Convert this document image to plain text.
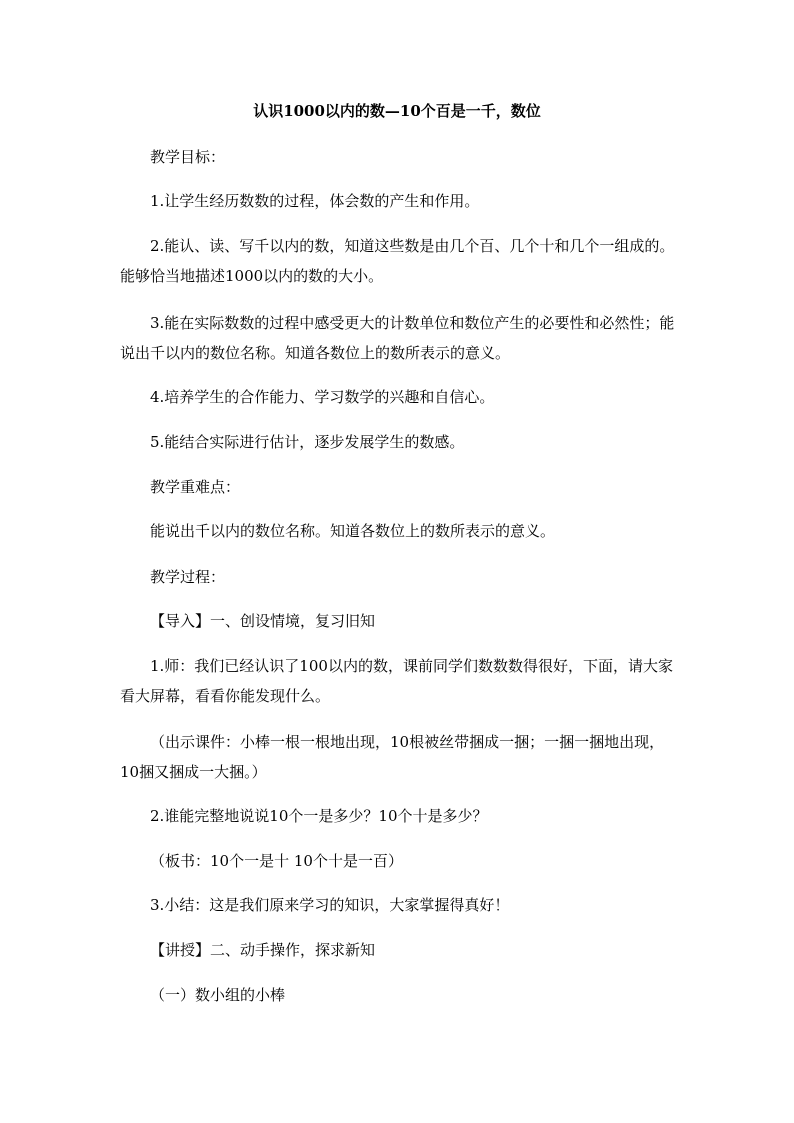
认识1000以内的数—10个百是一千，数位
教学目标：
1.让学生经历数数的过程，体会数的产生和作用。
2.能认、读、写千以内的数，知道这些数是由几个百、几个十和几个一组成的。能够恰当地描述1000以内的数的大小。
3.能在实际数数的过程中感受更大的计数单位和数位产生的必要性和必然性；能说出千以内的数位名称。知道各数位上的数所表示的意义。
4.培养学生的合作能力、学习数学的兴趣和自信心。
5.能结合实际进行估计，逐步发展学生的数感。
教学重难点：
能说出千以内的数位名称。知道各数位上的数所表示的意义。
教学过程：
【导入】一、创设情境，复习旧知
1.师：我们已经认识了100以内的数，课前同学们数数数得很好，下面，请大家看大屏幕，看看你能发现什么。
（出示课件：小棒一根一根地出现，10根被丝带捆成一捆；一捆一捆地出现，10捆又捆成一大捆。）
2.谁能完整地说说10个一是多少？10个十是多少？
（板书：10个一是十 10个十是一百）
3.小结：这是我们原来学习的知识，大家掌握得真好！
【讲授】二、动手操作，探求新知
（一）数小组的小棒
